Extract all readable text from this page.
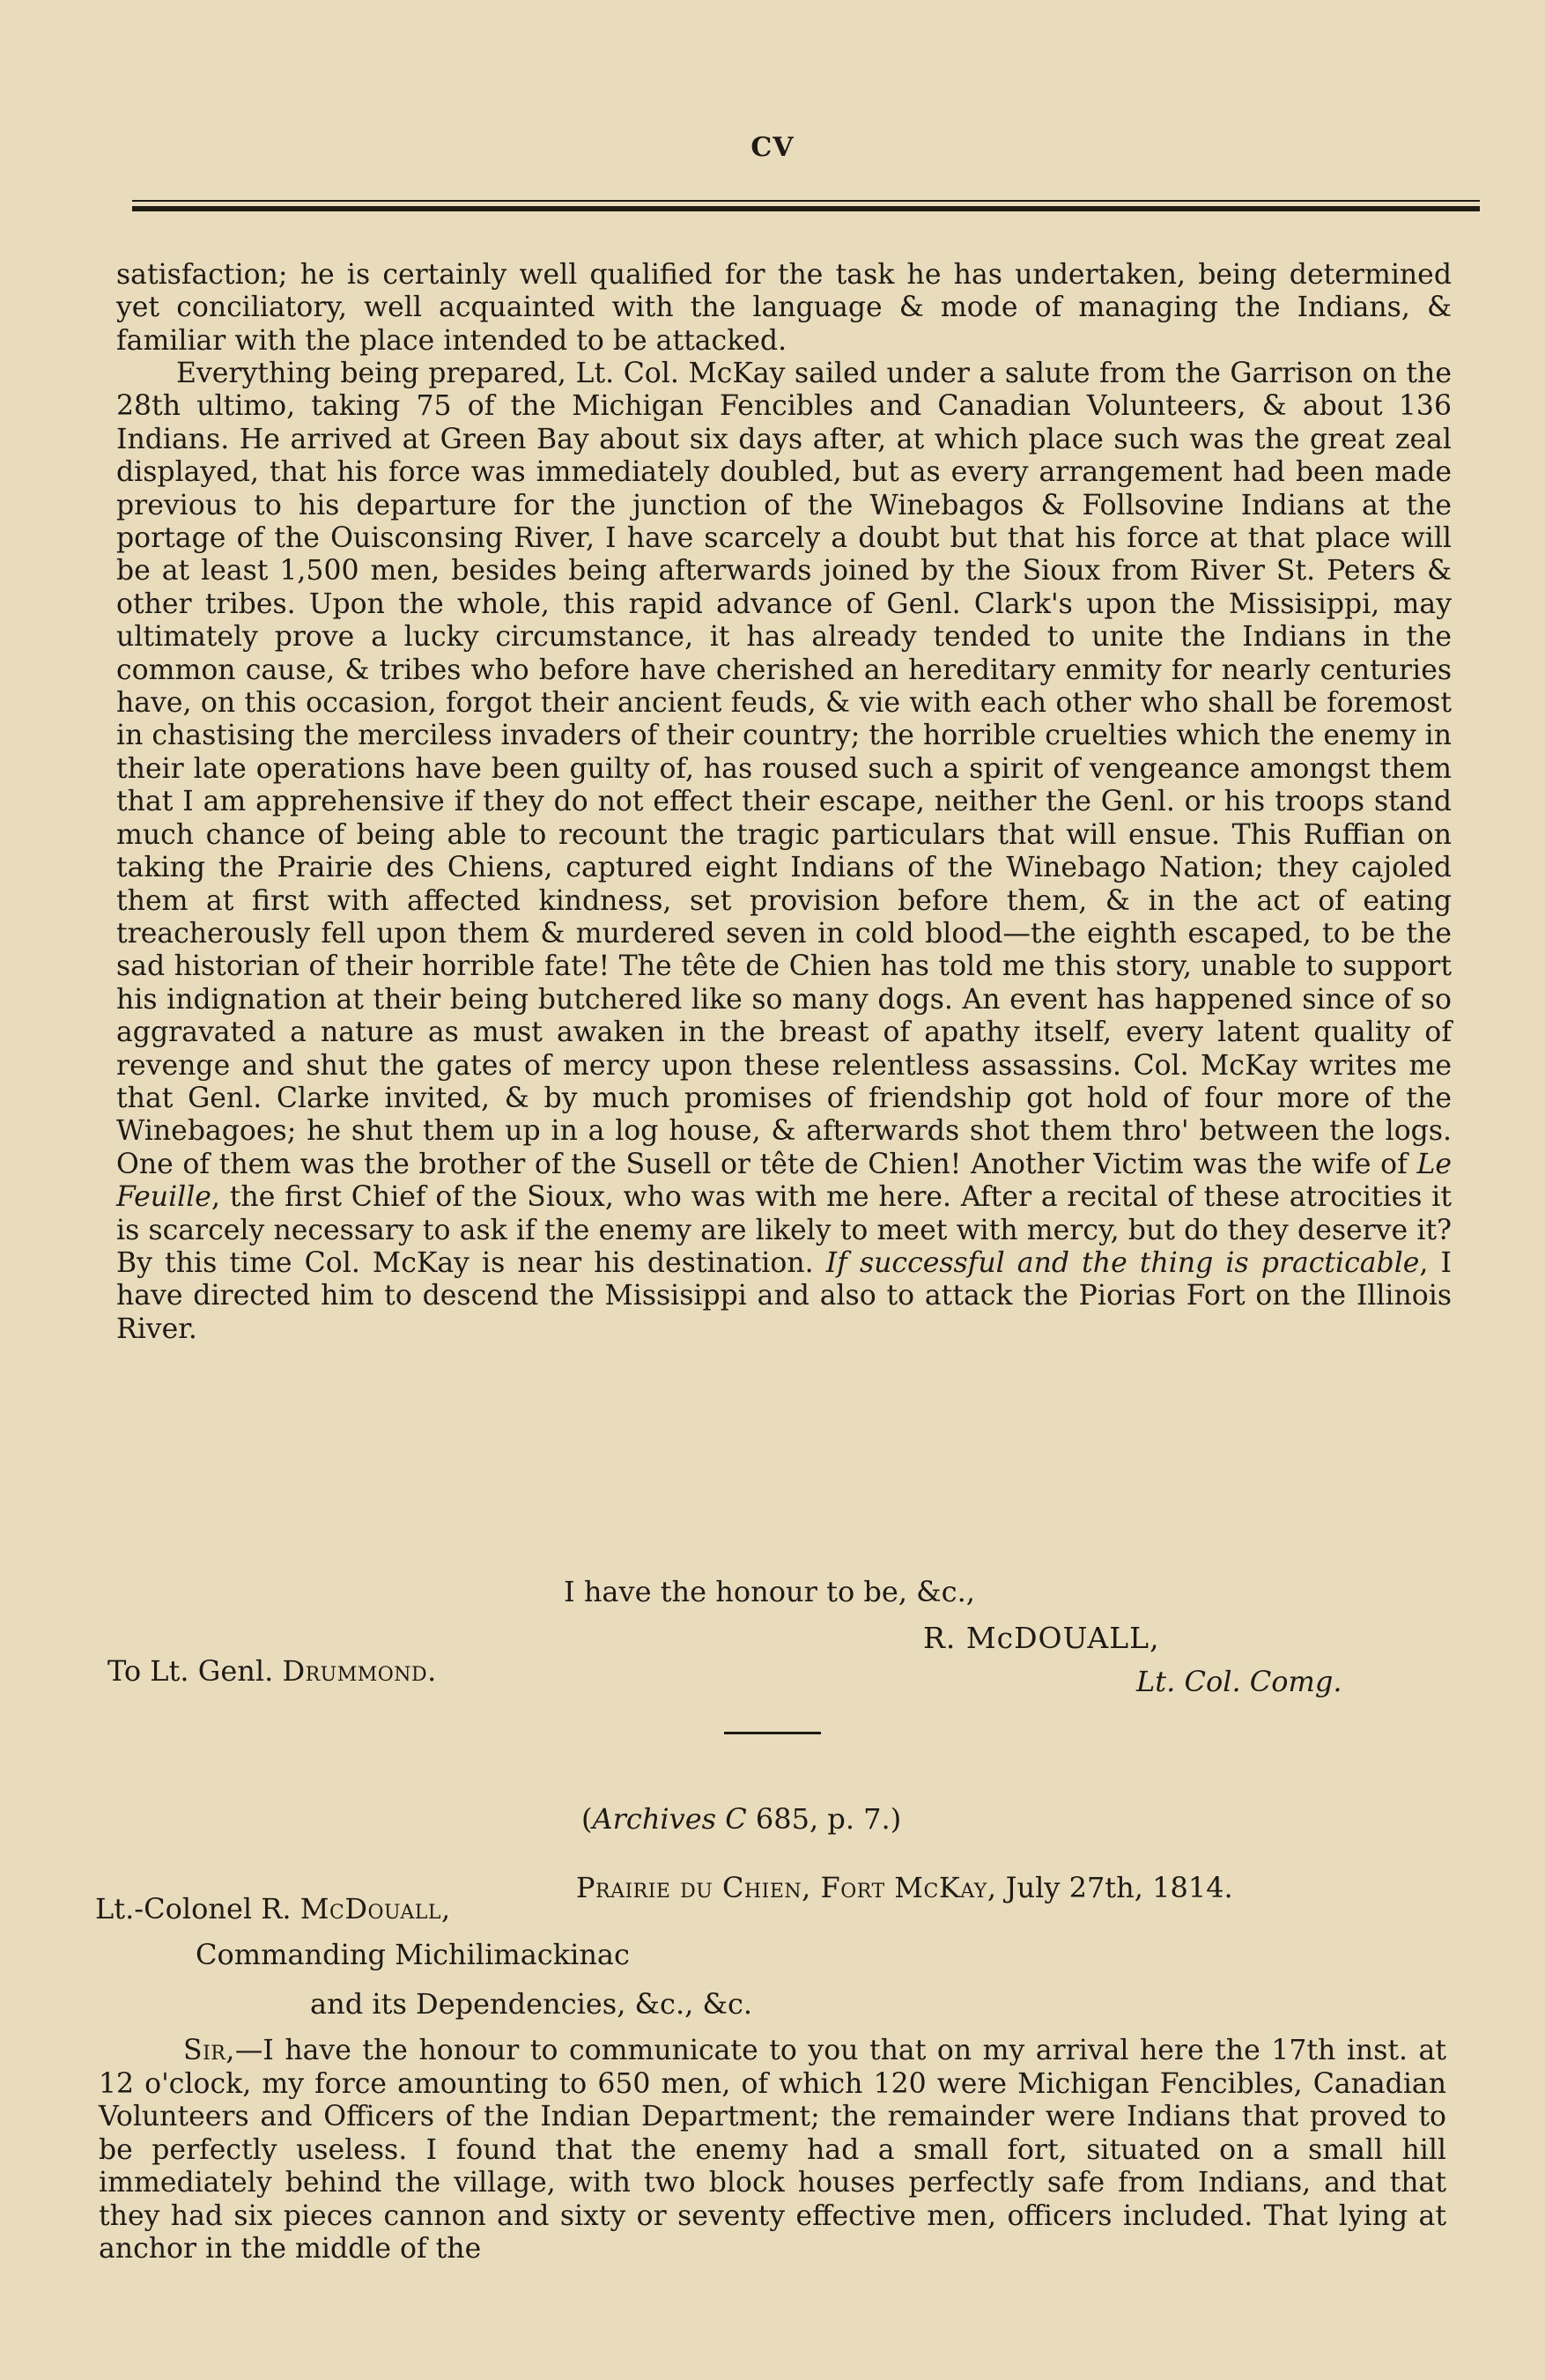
CV
satisfaction; he is certainly well qualified for the task he has undertaken, being determined yet conciliatory, well acquainted with the language & mode of managing the Indians, & familiar with the place intended to be attacked.
Everything being prepared, Lt. Col. McKay sailed under a salute from the Garrison on the 28th ultimo, taking 75 of the Michigan Fencibles and Canadian Volunteers, & about 136 Indians. He arrived at Green Bay about six days after, at which place such was the great zeal displayed, that his force was immediately doubled, but as every arrangement had been made previous to his departure for the junction of the Winebagos & Follsovine Indians at the portage of the Ouisconsing River, I have scarcely a doubt but that his force at that place will be at least 1,500 men, besides being afterwards joined by the Sioux from River St. Peters & other tribes. Upon the whole, this rapid advance of Genl. Clark's upon the Missisippi, may ultimately prove a lucky circumstance, it has already tended to unite the Indians in the common cause, & tribes who before have cherished an hereditary enmity for nearly centuries have, on this occasion, forgot their ancient feuds, & vie with each other who shall be foremost in chastising the merciless invaders of their country; the horrible cruelties which the enemy in their late operations have been guilty of, has roused such a spirit of vengeance amongst them that I am apprehensive if they do not effect their escape, neither the Genl. or his troops stand much chance of being able to recount the tragic particulars that will ensue. This Ruffian on taking the Prairie des Chiens, captured eight Indians of the Winebago Nation; they cajoled them at first with affected kindness, set provision before them, & in the act of eating treacherously fell upon them & murdered seven in cold blood—the eighth escaped, to be the sad historian of their horrible fate! The tête de Chien has told me this story, unable to support his indignation at their being butchered like so many dogs. An event has happened since of so aggravated a nature as must awaken in the breast of apathy itself, every latent quality of revenge and shut the gates of mercy upon these relentless assassins. Col. McKay writes me that Genl. Clarke invited, & by much promises of friendship got hold of four more of the Winebagoes; he shut them up in a log house, & afterwards shot them thro' between the logs. One of them was the brother of the Susell or tête de Chien! Another Victim was the wife of Le Feuille, the first Chief of the Sioux, who was with me here. After a recital of these atrocities it is scarcely necessary to ask if the enemy are likely to meet with mercy, but do they deserve it? By this time Col. McKay is near his destination. If successful and the thing is practicable, I have directed him to descend the Missisippi and also to attack the Piorias Fort on the Illinois River.
I have the honour to be, &c.,
To Lt. Genl. Drummond.
R. McDOUALL,
Lt. Col. Comg.
(Archives C 685, p. 7.)
Prairie du Chien, Fort McKay, July 27th, 1814.
Lt.-Colonel R. McDouall,
Commanding Michilimackinac
and its Dependencies, &c., &c.
Sir,—I have the honour to communicate to you that on my arrival here the 17th inst. at 12 o'clock, my force amounting to 650 men, of which 120 were Michigan Fencibles, Canadian Volunteers and Officers of the Indian Department; the remainder were Indians that proved to be perfectly useless. I found that the enemy had a small fort, situated on a small hill immediately behind the village, with two block houses perfectly safe from Indians, and that they had six pieces cannon and sixty or seventy effective men, officers included. That lying at anchor in the middle of the
